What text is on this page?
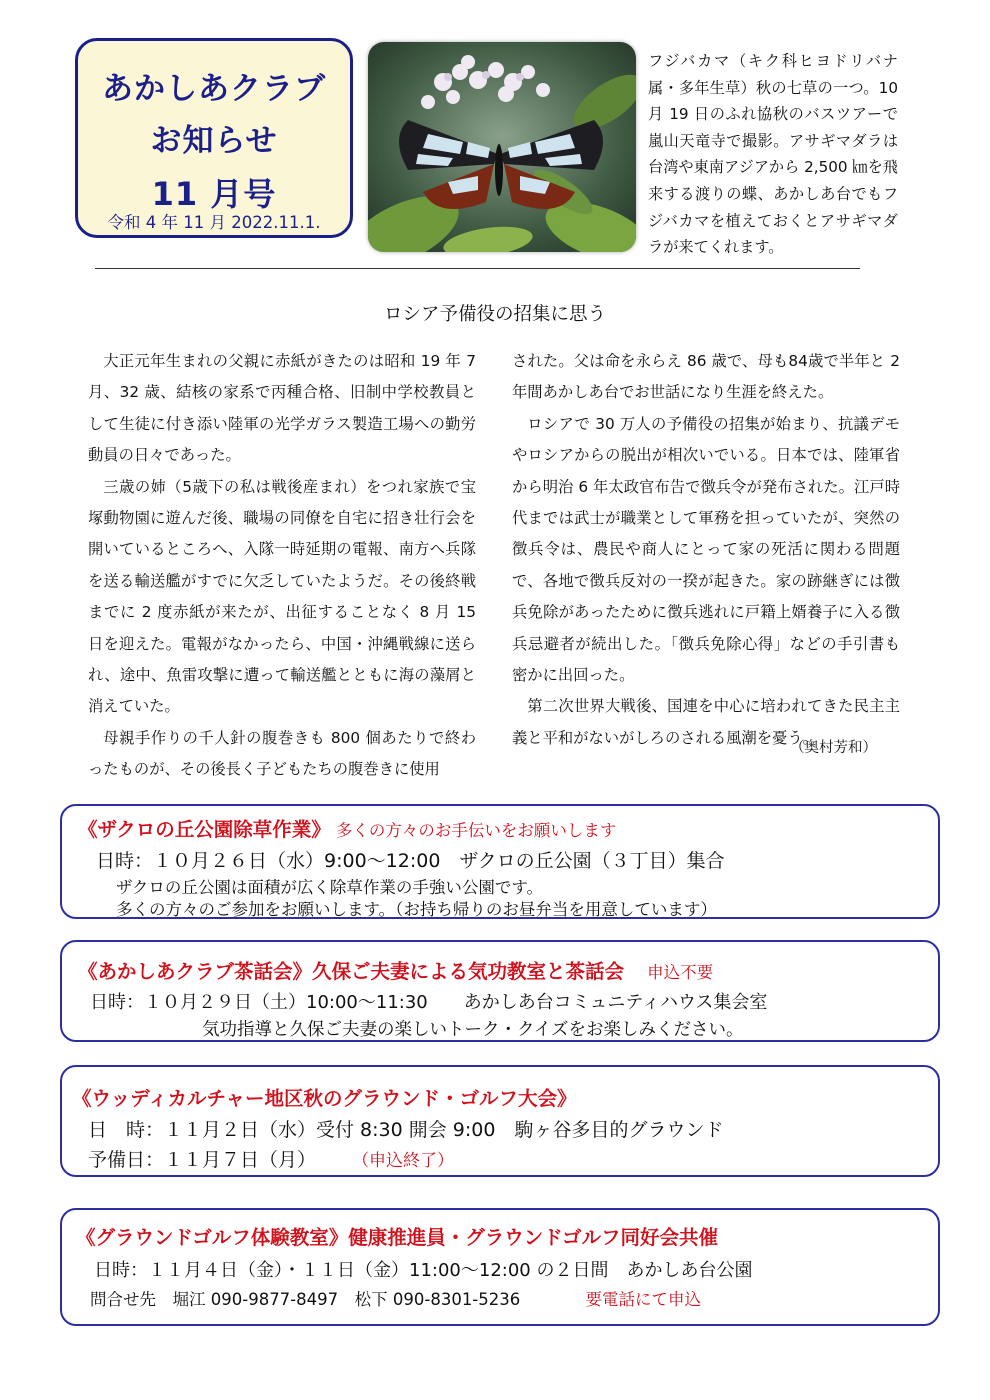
あかしあクラブ
お知らせ
11 月号
令和 4 年 11 月 2022.11.1.
フジバカマ（キク科ヒヨドリバナ属・多年生草）秋の七草の一つ。10 月 19 日のふれ協秋のバスツアーで嵐山天竜寺で撮影。アサギマダラは台湾や東南アジアから 2,500 ㎞を飛来する渡りの蝶、あかしあ台でもフジバカマを植えておくとアサギマダラが来てくれます。
ロシア予備役の招集に思う

大正元年生まれの父親に赤紙がきたのは昭和 19 年 7 月、32 歳、結核の家系で丙種合格、旧制中学校教員として生徒に付き添い陸軍の光学ガラス製造工場への勤労動員の日々であった。

三歳の姉（5歳下の私は戦後産まれ）をつれ家族で宝塚動物園に遊んだ後、職場の同僚を自宅に招き壮行会を開いているところへ、入隊一時延期の電報、南方へ兵隊を送る輸送艦がすでに欠乏していたようだ。その後終戦までに 2 度赤紙が来たが、出征することなく 8 月 15 日を迎えた。電報がなかったら、中国・沖縄戦線に送られ、途中、魚雷攻撃に遭って輸送艦とともに海の藻屑と消えていた。

母親手作りの千人針の腹巻きも 800 個あたりで終わったものが、その後長く子どもたちの腹巻きに使用

された。父は命を永らえ 86 歳で、母も84歳で半年と 2 年間あかしあ台でお世話になり生涯を終えた。

ロシアで 30 万人の予備役の招集が始まり、抗議デモやロシアからの脱出が相次いでいる。日本では、陸軍省から明治 6 年太政官布告で徴兵令が発布された。江戸時代までは武士が職業として軍務を担っていたが、突然の徴兵令は、農民や商人にとって家の死活に関わる問題で、各地で徴兵反対の一揆が起きた。家の跡継ぎには徴兵免除があったために徴兵逃れに戸籍上婿養子に入る徴兵忌避者が続出した。「徴兵免除心得」などの手引書も密かに出回った。

第二次世界大戦後、国連を中心に培われてきた民主主義と平和がないがしろのされる風潮を憂う。

（奥村芳和）
《ザクロの丘公園除草作業》 多くの方々のお手伝いをお願いします
日時：１０月２６日（水）9:00～12:00　ザクロの丘公園（３丁目）集合
ザクロの丘公園は面積が広く除草作業の手強い公園です。
多くの方々のご参加をお願いします。（お持ち帰りのお昼弁当を用意しています）
《あかしあクラブ茶話会》久保ご夫妻による気功教室と茶話会 申込不要
日時：１０月２９日（土）10:00～11:30　　あかしあ台コミュニティハウス集会室
気功指導と久保ご夫妻の楽しいトーク・クイズをお楽しみください。
《ウッディカルチャー地区秋のグラウンド・ゴルフ大会》
日　時：１１月２日（水）受付 8:30 開会 9:00　駒ヶ谷多目的グラウンド
予備日：１１月７日（月） （申込終了）
《グラウンドゴルフ体験教室》健康推進員・グラウンドゴルフ同好会共催
日時：１１月４日（金）・１１日（金）11:00～12:00 の２日間　あかしあ台公園
問合せ先　堀江 090-9877-8497　松下 090-8301-5236	要電話にて申込
